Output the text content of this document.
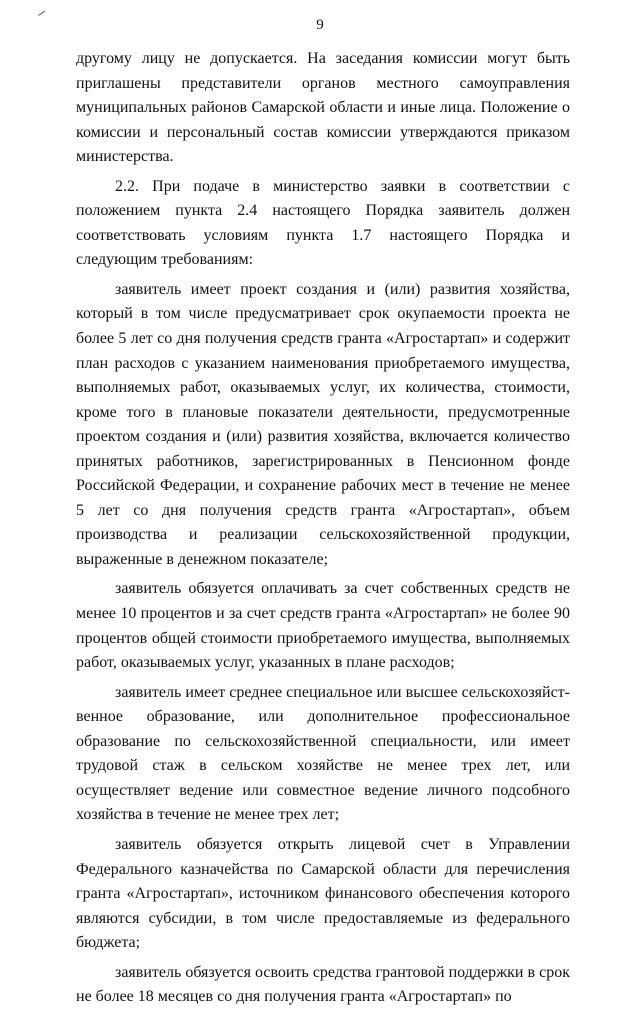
9

другому лицу не допускается. На заседания комиссии могут быть приглашены представители органов местного самоуправления муниципальных районов Самарской области и иные лица. Положение о комиссии и персональный состав комиссии утверждаются приказом министерства.

2.2. При подаче в министерство заявки в соответствии с положением пункта 2.4 настоящего Порядка заявитель должен соответствовать условиям пункта 1.7 настоящего Порядка и следующим требованиям:

заявитель имеет проект создания и (или) развития хозяйства, который в том числе предусматривает срок окупаемости проекта не более 5 лет со дня получения средств гранта «Агростартап» и содержит план расходов с указанием наименования приобретаемого имущества, выполняемых работ, оказываемых услуг, их количества, стоимости, кроме того в плановые показатели деятельности, предусмотренные проектом создания и (или) развития хозяйства, включается количество принятых работников, зарегистрированных в Пенсионном фонде Российской Федерации, и сохранение рабочих мест в течение не менее 5 лет со дня получения средств гранта «Агростартап», объем производства и реализации сельскохозяйственной продукции, выраженные в денежном показателе;

заявитель обязуется оплачивать за счет собственных средств не менее 10 процентов и за счет средств гранта «Агростартап» не более 90 процентов общей стоимости приобретаемого имущества, выполняемых работ, оказываемых услуг, указанных в плане расходов;

заявитель имеет среднее специальное или высшее сельскохозяйст-венное образование, или дополнительное профессиональное образование по сельскохозяйственной специальности, или имеет трудовой стаж в сельском хозяйстве не менее трех лет, или осуществляет ведение или совместное ведение личного подсобного хозяйства в течение не менее трех лет;

заявитель обязуется открыть лицевой счет в Управлении Федерального казначейства по Самарской области для перечисления гранта «Агростартап», источником финансового обеспечения которого являются субсидии, в том числе предоставляемые из федерального бюджета;

заявитель обязуется освоить средства грантовой поддержки в срок не более 18 месяцев со дня получения гранта «Агростартап» по
